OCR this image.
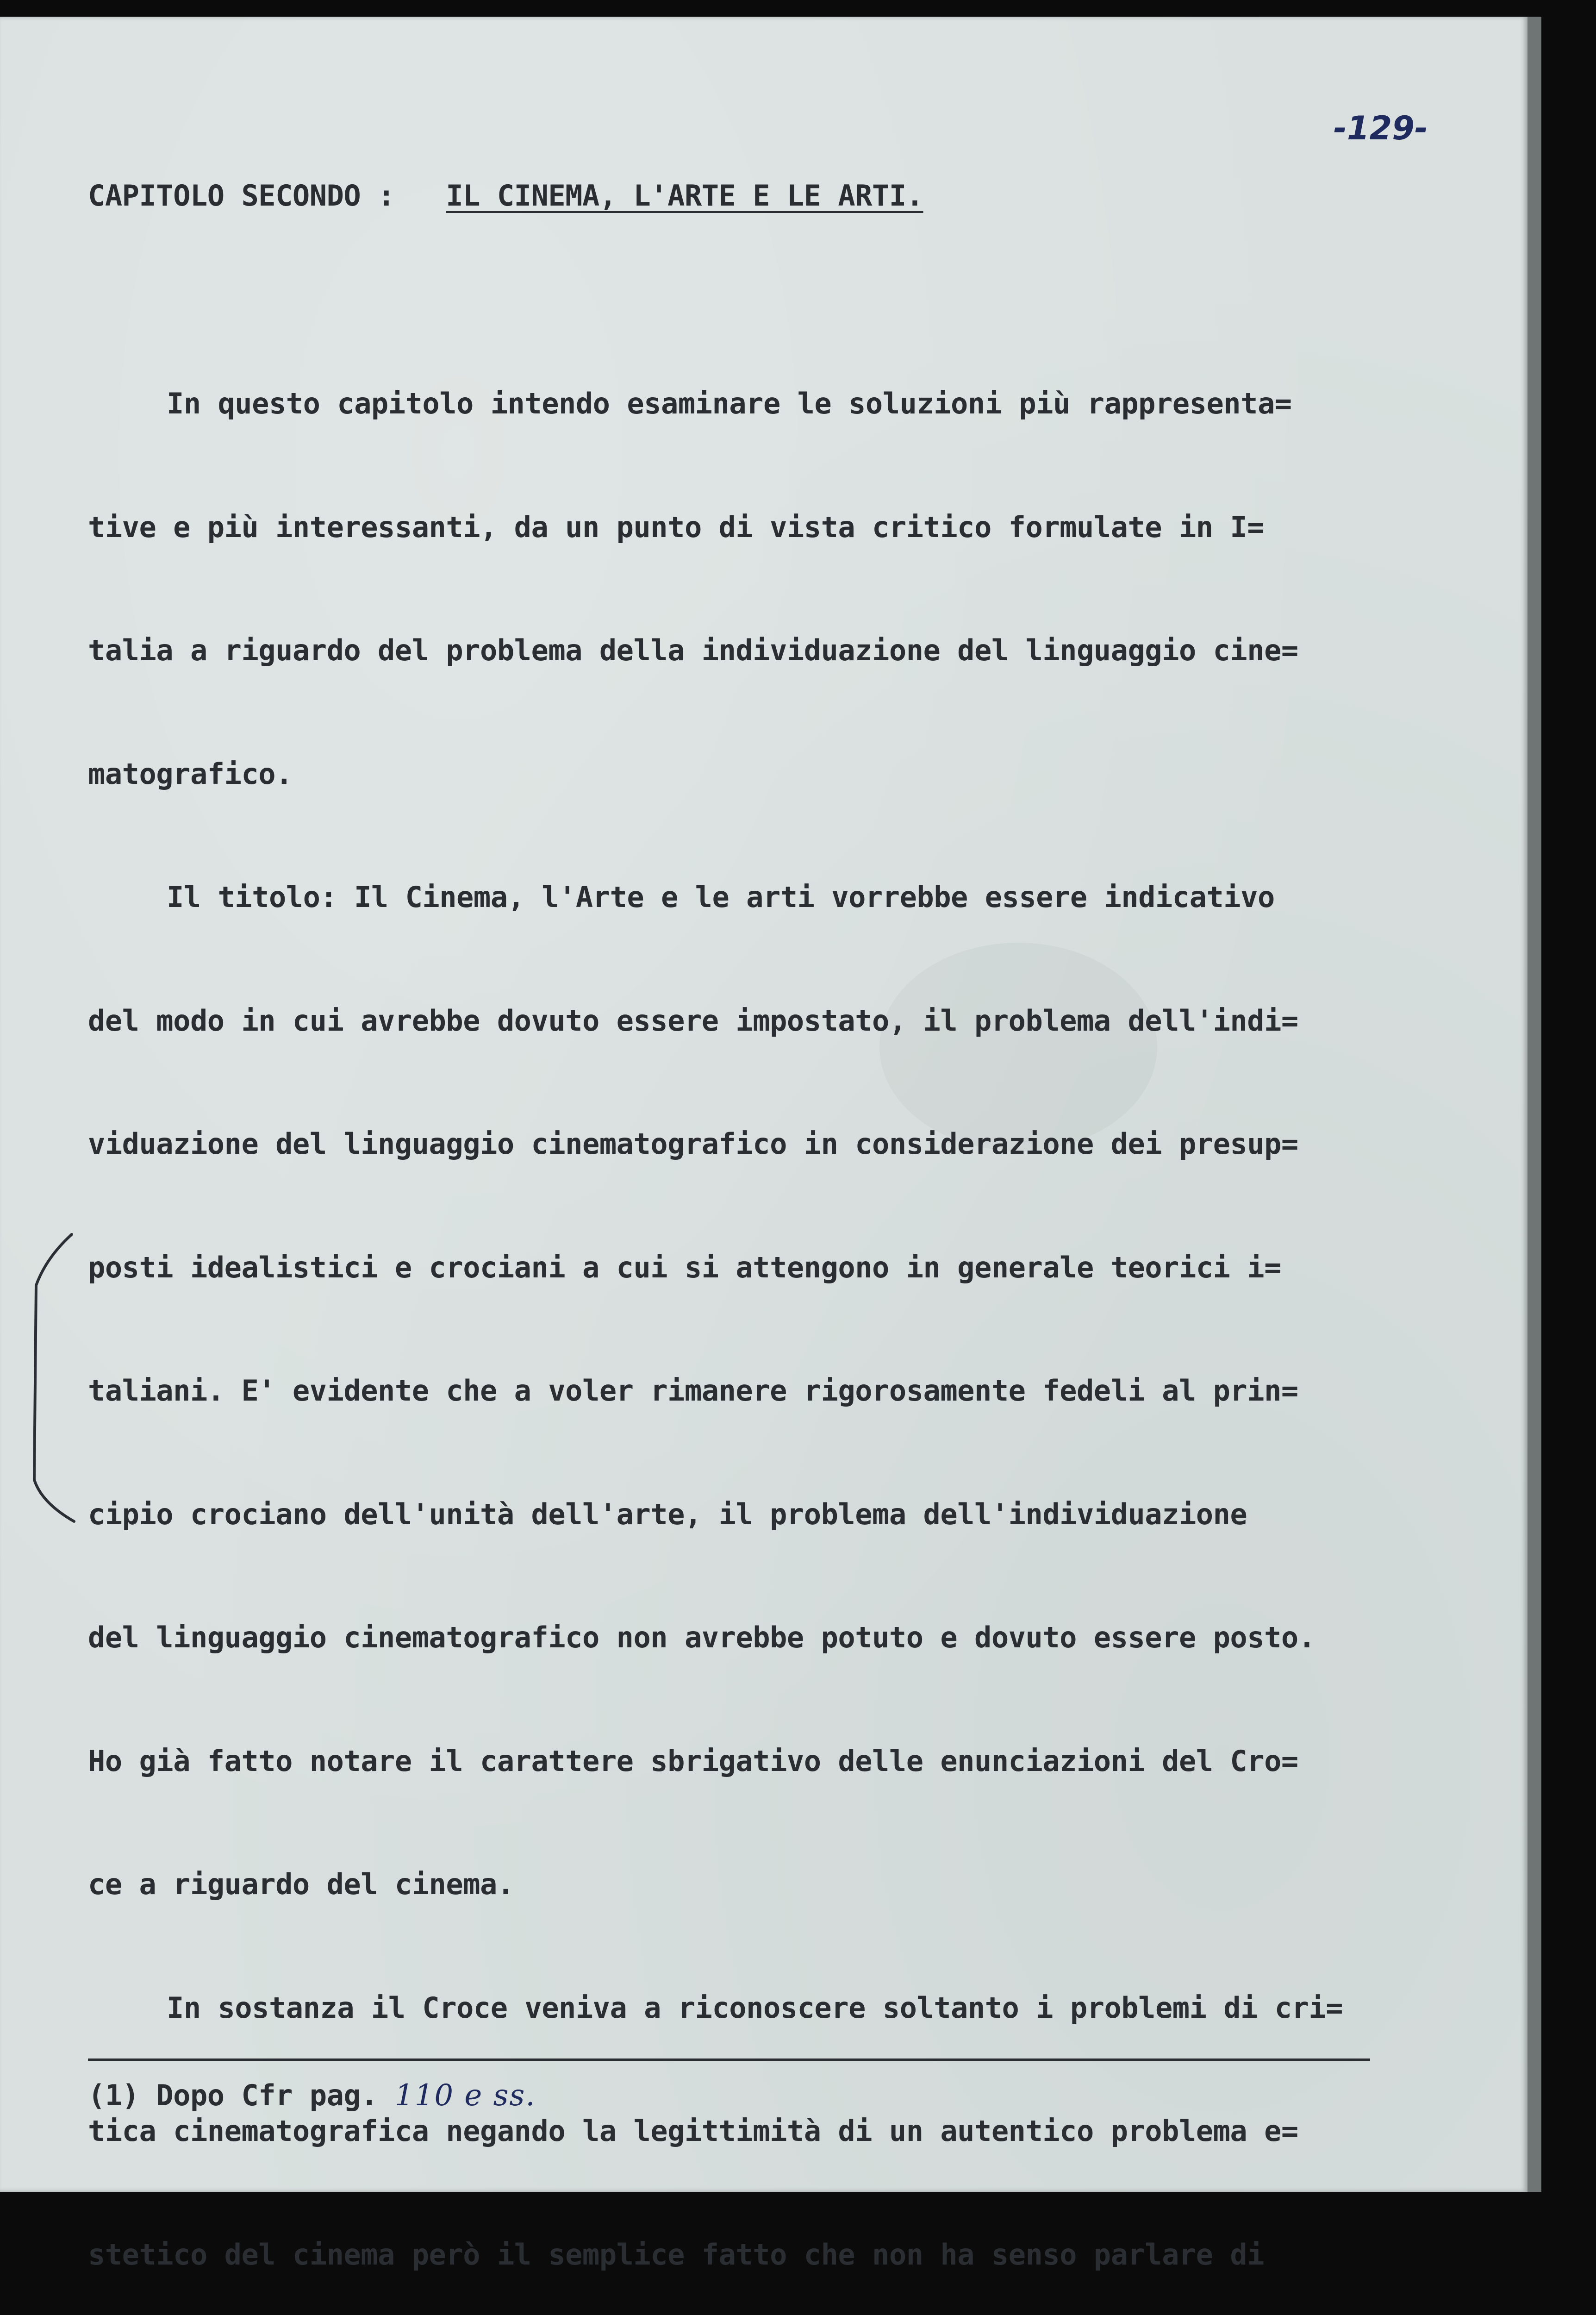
-129-
CAPITOLO SECONDO : IL CINEMA, L'ARTE E LE ARTI.

In questo capitolo intendo esaminare le soluzioni più rappresenta=

tive e più interessanti, da un punto di vista critico formulate in I=

talia a riguardo del problema della individuazione del linguaggio cine=

matografico.

Il titolo: Il Cinema, l'Arte e le arti vorrebbe essere indicativo

del modo in cui avrebbe dovuto essere impostato, il problema dell'indi=

viduazione del linguaggio cinematografico in considerazione dei presup=

posti idealistici e crociani a cui si attengono in generale teorici i=

taliani. E' evidente che a voler rimanere rigorosamente fedeli al prin=

cipio crociano dell'unità dell'arte, il problema dell'individuazione

del linguaggio cinematografico non avrebbe potuto e dovuto essere posto.

Ho già fatto notare il carattere sbrigativo delle enunciazioni del Cro=

ce a riguardo del cinema.

In sostanza il Croce veniva a riconoscere soltanto i problemi di cri=

tica cinematografica negando la legittimità di un autentico problema e=

stetico del cinema però il semplice fatto che non ha senso parlare di

(1) Dopo Cfr pag. 110 e ss.
